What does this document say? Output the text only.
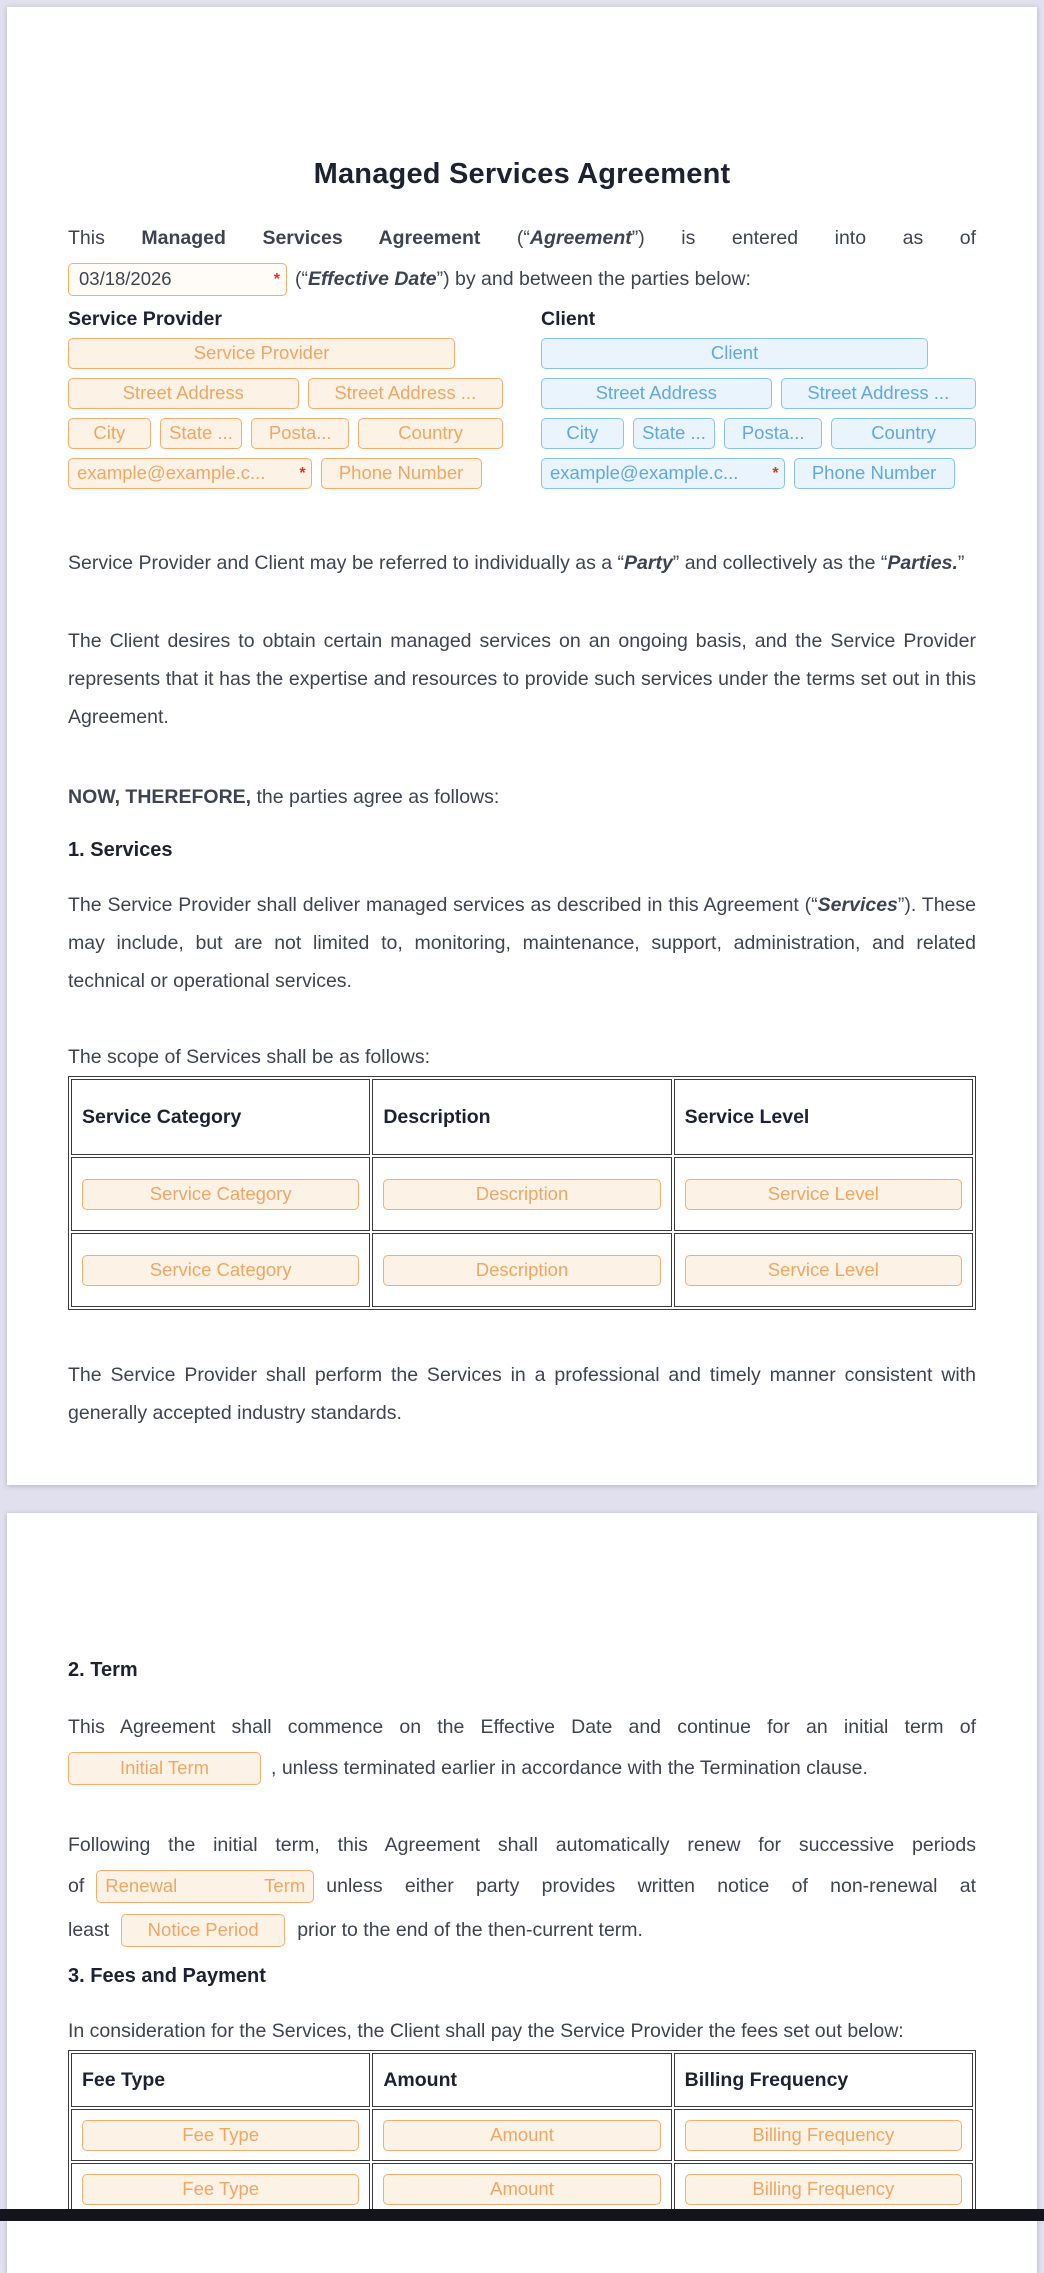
Managed Services Agreement
This Managed Services Agreement (“Agreement”) is entered into as of
03/18/2026	* (“Effective Date”) by and between the parties below:
Service Provider
Service Provider
Street Address	Street Address ...
City	State ...	Posta...	Country
example@example.c... *	Phone Number
Client
Client
Street Address	Street Address ...
City	State ...	Posta...	Country
example@example.c... *	Phone Number

Service Provider and Client may be referred to individually as a “Party” and collectively as the “Parties.”

The Client desires to obtain certain managed services on an ongoing basis, and the Service Provider represents that it has the expertise and resources to provide such services under the terms set out in this Agreement.

NOW, THEREFORE, the parties agree as follows:

1. Services

The Service Provider shall deliver managed services as described in this Agreement (“Services”). These may include, but are not limited to, monitoring, maintenance, support, administration, and related technical or operational services.

The scope of Services shall be as follows:

Service Category	Description	Service Level
Service Category	Description	Service Level
Service Category	Description	Service Level

The Service Provider shall perform the Services in a professional and timely manner consistent with generally accepted industry standards.

2. Term
This Agreement shall commence on the Effective Date and continue for an initial term of
Initial Term	, unless terminated earlier in accordance with the Termination clause.
Following the initial term, this Agreement shall automatically renew for successive periods
of Renewal Term unless either party provides written notice of non-renewal at
least Notice Period prior to the end of the then-current term.
3. Fees and Payment

In consideration for the Services, the Client shall pay the Service Provider the fees set out below:

Fee Type	Amount	Billing Frequency
Fee Type	Amount	Billing Frequency
Fee Type	Amount	Billing Frequency
